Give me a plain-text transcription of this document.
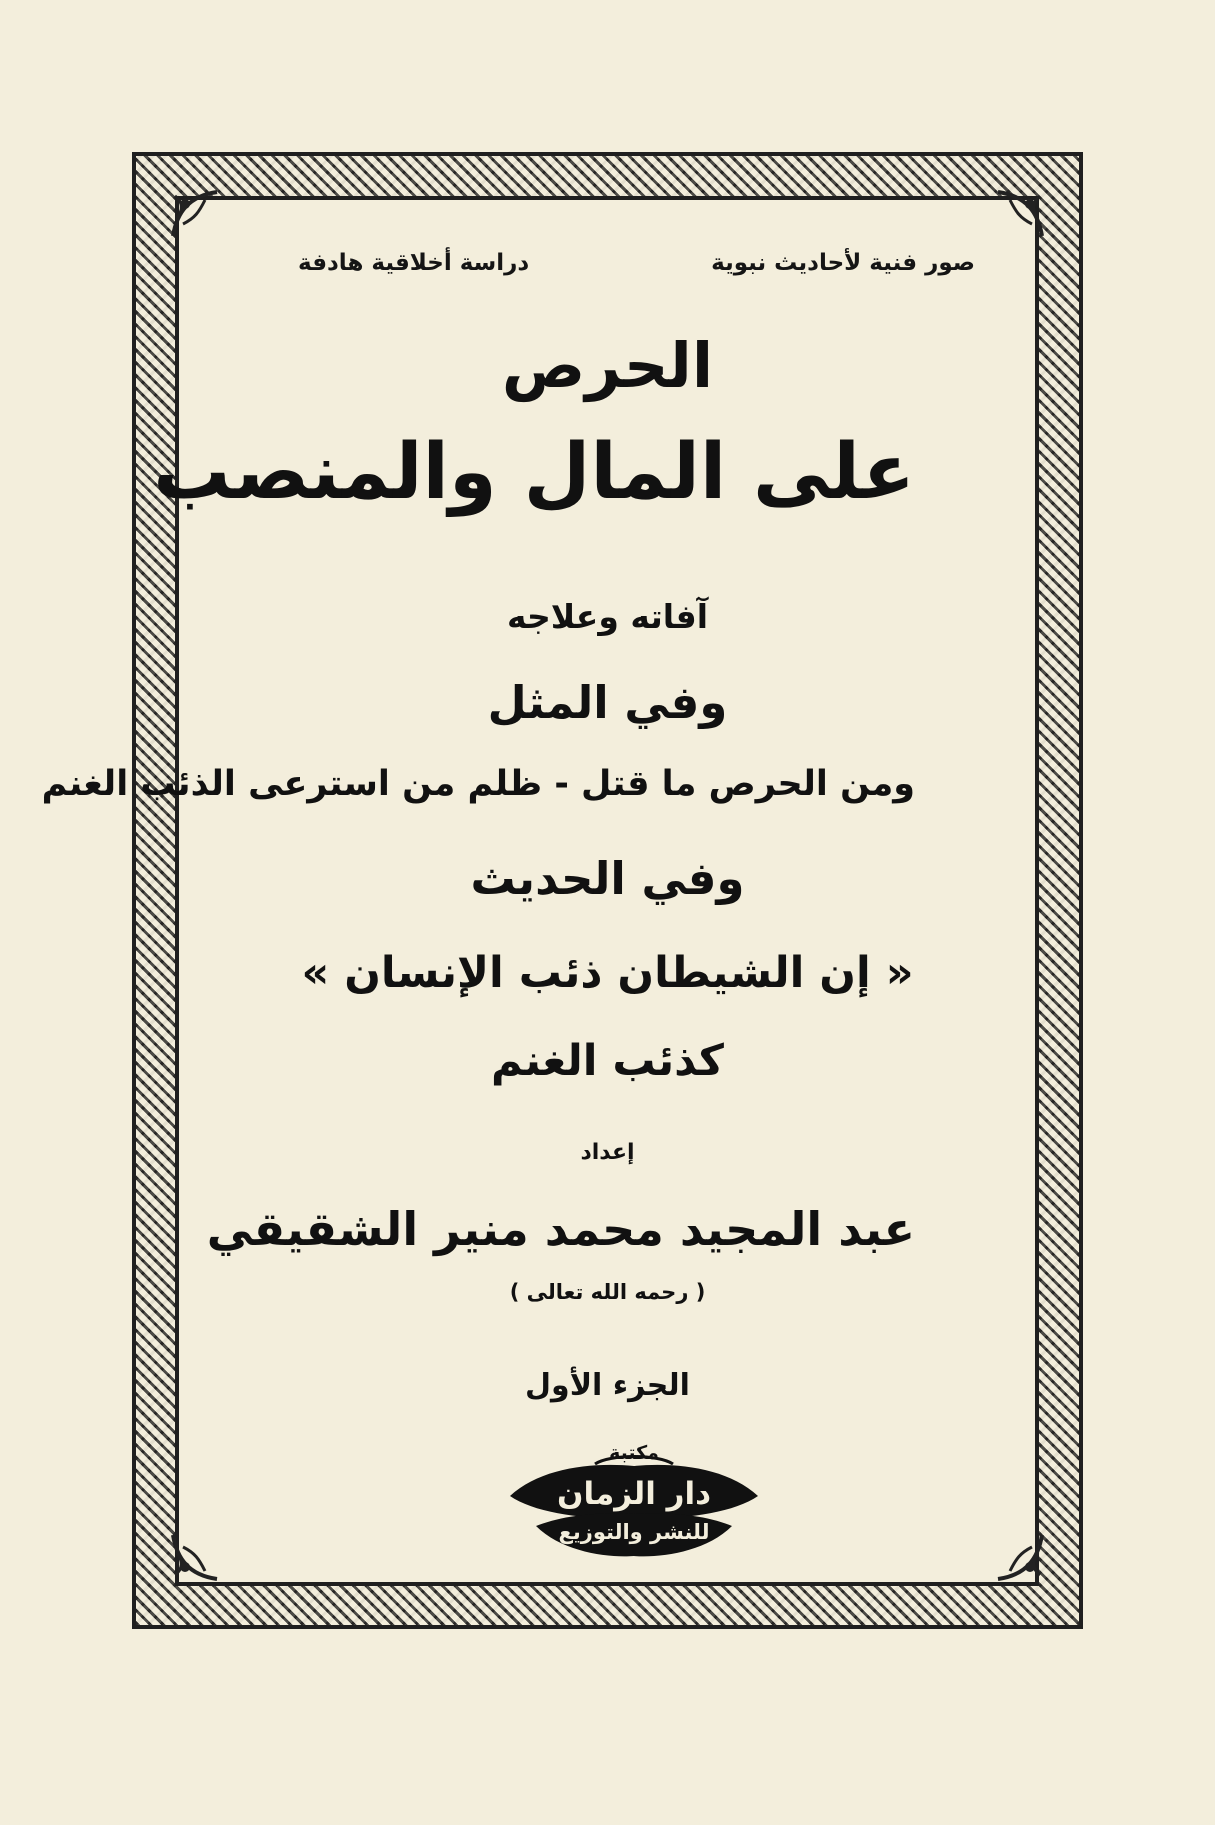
صور فنية لأحاديث نبوية
دراسة أخلاقية هادفة
الحرص
على المال والمنصب
آفاته وعلاجه
وفي المثل
ومن الحرص ما قتل - ظلم من استرعى الذئب الغنم
وفي الحديث
« إن الشيطان ذئب الإنسان »
كذئب الغنم
إعداد
عبد المجيد محمد منير الشقيقي
( رحمه الله تعالى )
الجزء الأول
مكتبة
دار الزمان
للنشر والتوزيع
